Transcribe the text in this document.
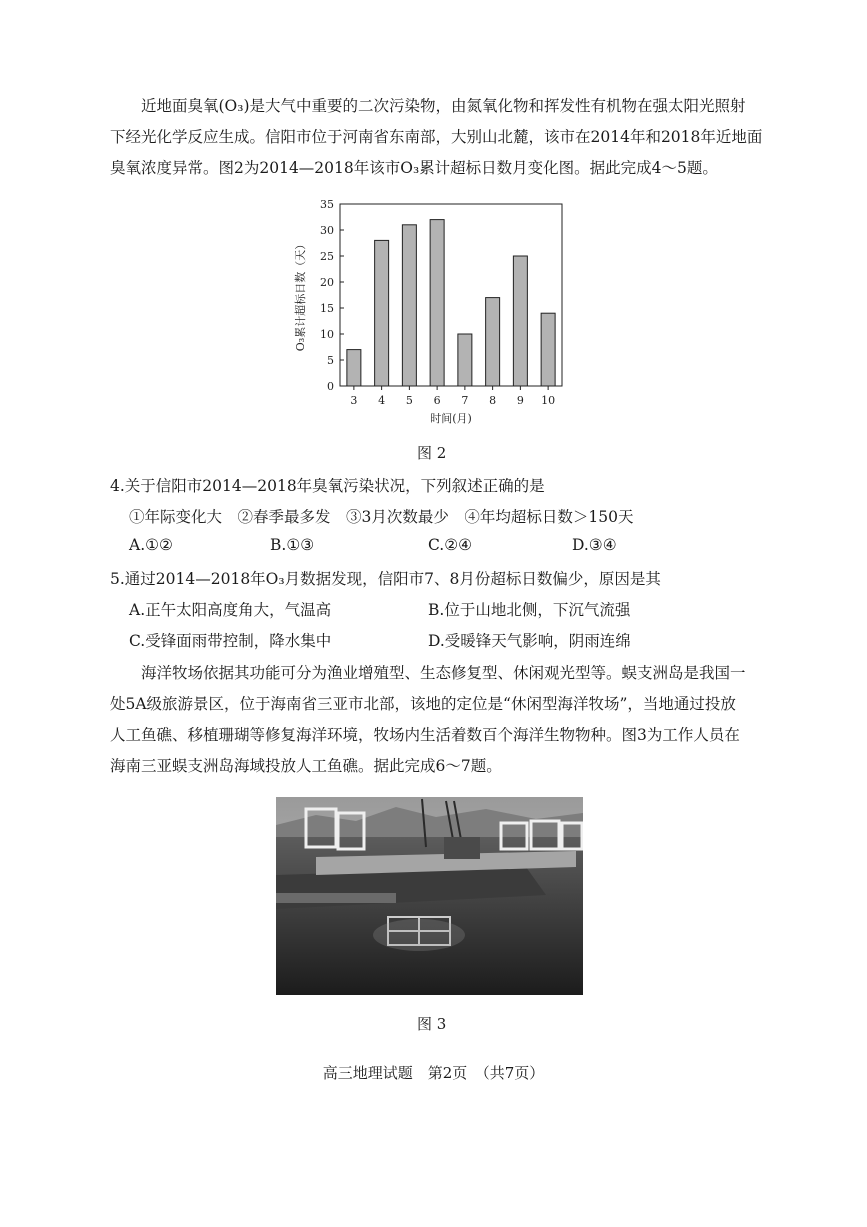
近地面臭氧(O₃)是大气中重要的二次污染物，由氮氧化物和挥发性有机物在强太阳光照射
下经光化学反应生成。信阳市位于河南省东南部，大别山北麓，该市在2014年和2018年近地面
臭氧浓度异常。图2为2014—2018年该市O₃累计超标日数月变化图。据此完成4～5题。
0
5
10
15
20
25
30
35
3 4 5 6 7 8 9 10
时间(月)
O₃累计超标日数（天）
图 2
4.关于信阳市2014—2018年臭氧污染状况，下列叙述正确的是
①年际变化大　②春季最多发　③3月次数最少　④年均超标日数＞150天
A.①②	B.①③	C.②④	D.③④
5.通过2014—2018年O₃月数据发现，信阳市7、8月份超标日数偏少，原因是其
A.正午太阳高度角大，气温高	B.位于山地北侧，下沉气流强
C.受锋面雨带控制，降水集中	D.受暖锋天气影响，阴雨连绵
海洋牧场依据其功能可分为渔业增殖型、生态修复型、休闲观光型等。蜈支洲岛是我国一
处5A级旅游景区，位于海南省三亚市北部，该地的定位是“休闲型海洋牧场”，当地通过投放
人工鱼礁、移植珊瑚等修复海洋环境，牧场内生活着数百个海洋生物物种。图3为工作人员在
海南三亚蜈支洲岛海域投放人工鱼礁。据此完成6～7题。
图 3
高三地理试题　第2页　（共7页）
